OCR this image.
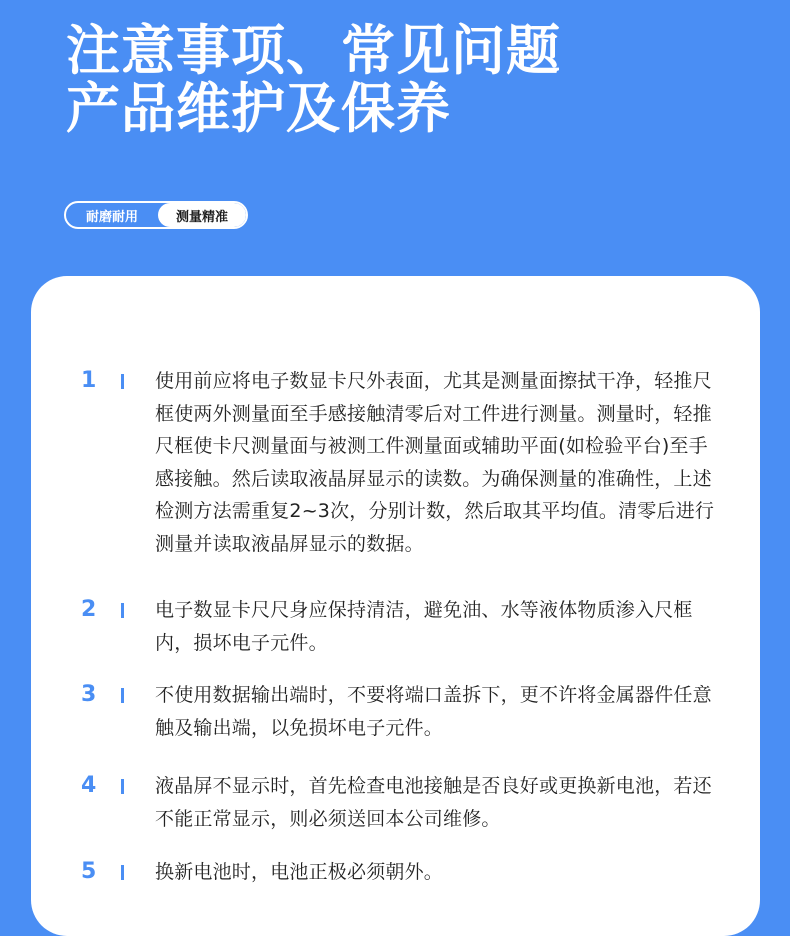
注意事项、常见问题
产品维护及保养
耐磨耐用	测量精准
1	使用前应将电子数显卡尺外表面，尤其是测量面擦拭干净，轻推尺框使两外测量面至手感接触清零后对工件进行测量。测量时，轻推尺框使卡尺测量面与被测工件测量面或辅助平面(如检验平台)至手感接触。然后读取液晶屏显示的读数。为确保测量的准确性，上述检测方法需重复2~3次，分别计数，然后取其平均值。清零后进行测量并读取液晶屏显示的数据。
2	电子数显卡尺尺身应保持清洁，避免油、水等液体物质渗入尺框内，损坏电子元件。
3	不使用数据输出端时，不要将端口盖拆下，更不许将金属器件任意触及输出端，以免损坏电子元件。
4	液晶屏不显示时，首先检查电池接触是否良好或更换新电池，若还不能正常显示，则必须送回本公司维修。
5	换新电池时，电池正极必须朝外。
